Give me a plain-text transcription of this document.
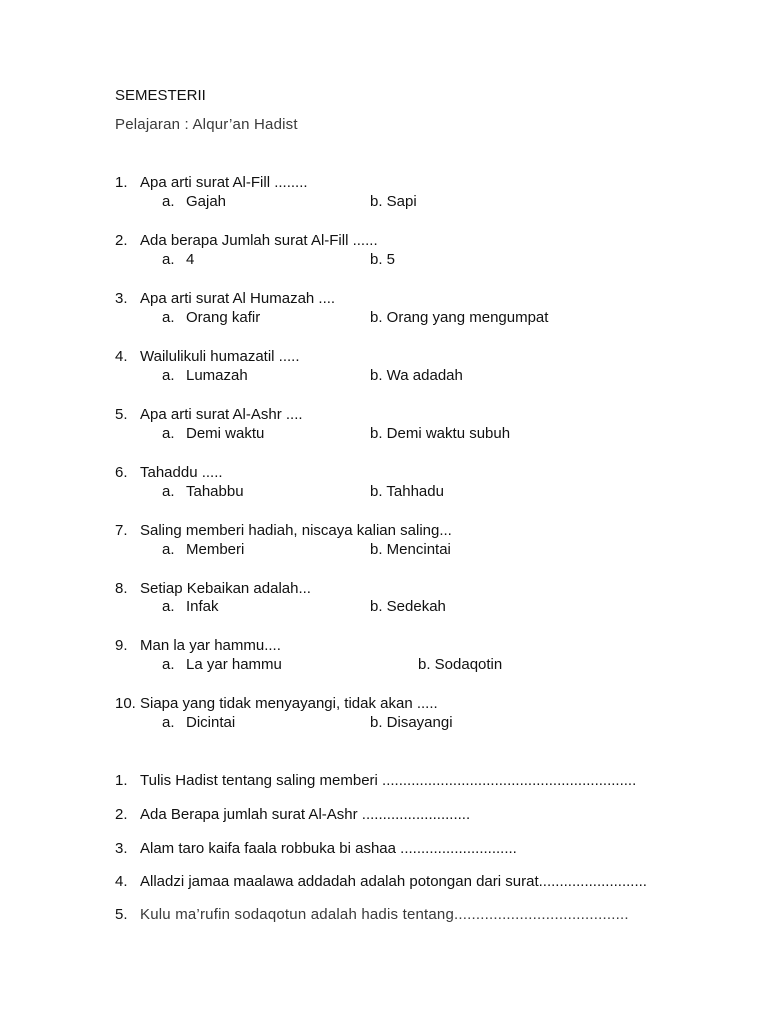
SEMESTERII
Pelajaran : Alqur’an Hadist
1. Apa arti surat Al-Fill ........
a. Gajah	b. Sapi
2. Ada berapa Jumlah surat Al-Fill ......
a. 4	b. 5
3. Apa arti surat Al Humazah ....
a. Orang kafir	b. Orang yang mengumpat
4. Wailulikuli humazatil .....
a. Lumazah	b. Wa adadah
5. Apa arti surat Al-Ashr ....
a. Demi waktu	b. Demi waktu subuh
6. Tahaddu .....
a. Tahabbu	b. Tahhadu
7. Saling memberi hadiah, niscaya kalian saling...
a. Memberi	b. Mencintai
8. Setiap Kebaikan adalah...
a. Infak	b. Sedekah
9. Man la yar hammu....
a. La yar hammu	b. Sodaqotin
10. Siapa yang tidak menyayangi, tidak akan .....
a. Dicintai	b. Disayangi
1. Tulis Hadist tentang saling memberi .............................................................
2. Ada Berapa jumlah surat Al-Ashr ..........................
3. Alam taro kaifa faala robbuka bi ashaa ............................
4. Alladzi jamaa maalawa addadah adalah potongan dari surat..........................
5. Kulu ma’rufin sodaqotun adalah hadis tentang........................................
